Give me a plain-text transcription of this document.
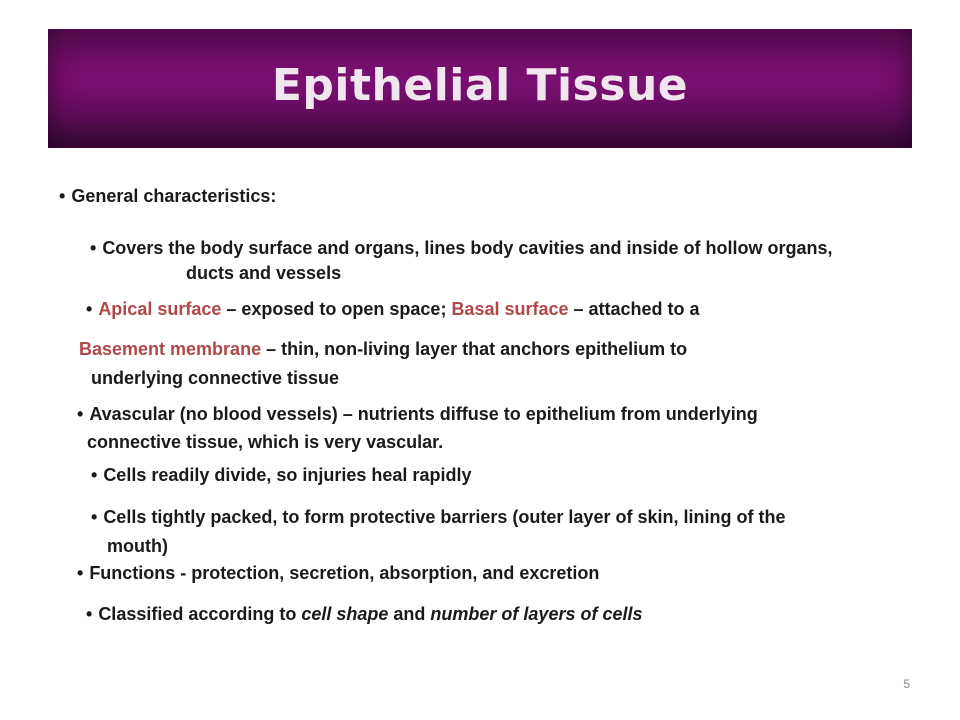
Epithelial Tissue
• General characteristics:
• Covers the body surface and organs, lines body cavities and inside of hollow organs,
ducts and vessels
• Apical surface – exposed to open space; Basal surface – attached to a
Basement membrane – thin, non-living layer that anchors epithelium to
underlying connective tissue
• Avascular (no blood vessels) – nutrients diffuse to epithelium from underlying
connective tissue, which is very vascular.
• Cells readily divide, so injuries heal rapidly
• Cells tightly packed, to form protective barriers (outer layer of skin, lining of the
mouth)
• Functions - protection, secretion, absorption, and excretion
• Classified according to cell shape and number of layers of cells
5
